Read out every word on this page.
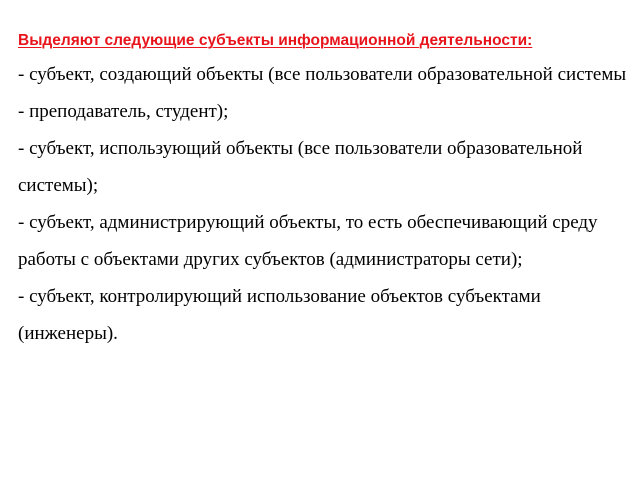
Выделяют следующие субъекты информационной деятельности:
- субъект, создающий объекты (все пользователи образовательной системы - преподаватель, студент);
- субъект, использующий объекты (все пользователи образовательной системы);
- субъект, администрирующий объекты, то есть обеспечивающий среду работы с объектами других субъектов (администраторы сети);
- субъект, контролирующий использование объектов субъектами (инженеры).
